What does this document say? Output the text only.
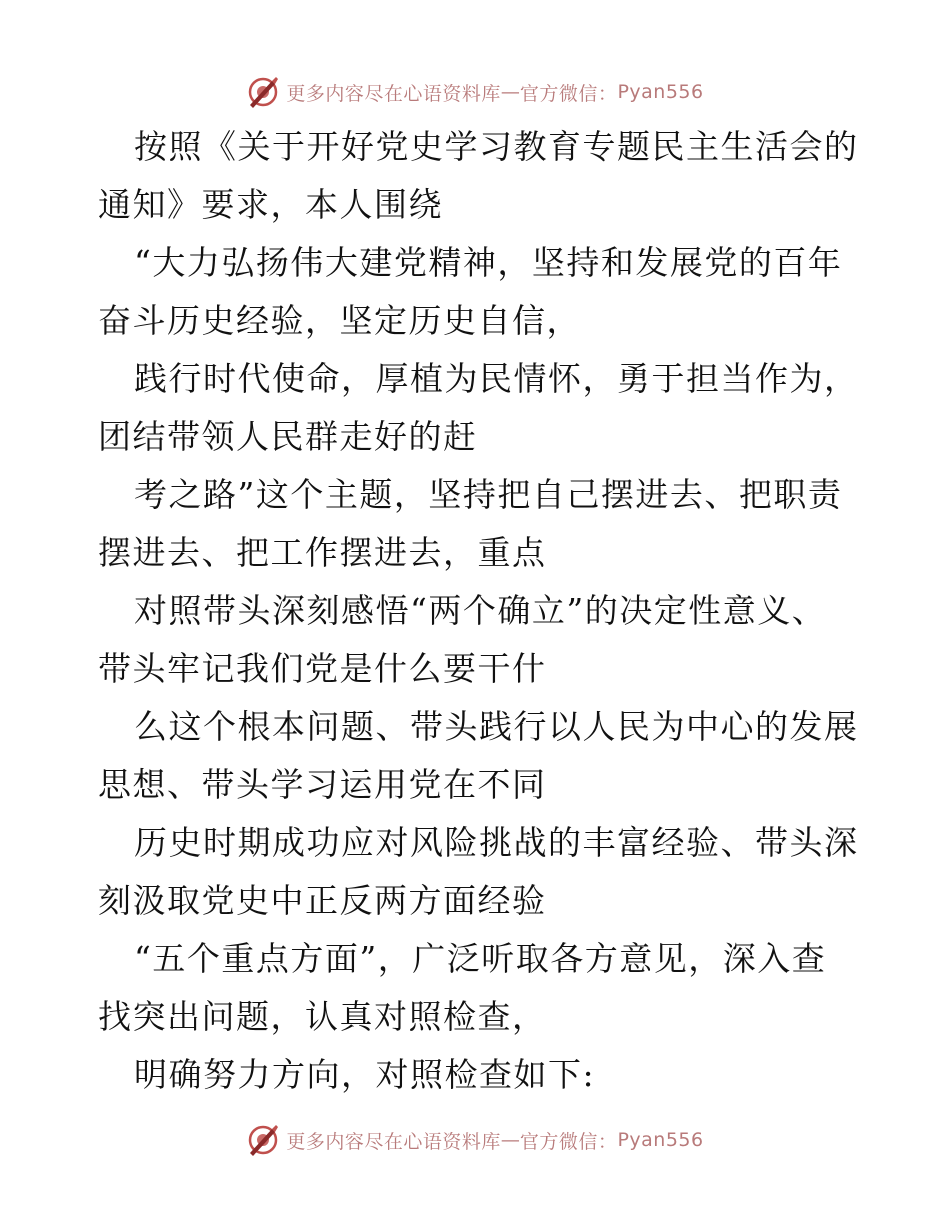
更多内容尽在心语资料库 — 官方微信： Pyan556

按照《关于开好党史学习教育专题民主生活会的
通知》要求，本人围绕

“大力弘扬伟大建党精神，坚持和发展党的百年
奋斗历史经验，坚定历史自信，

践行时代使命，厚植为民情怀，勇于担当作为，
团结带领人民群走好的赶

考之路”这个主题，坚持把自己摆进去、把职责
摆进去、把工作摆进去，重点

对照带头深刻感悟“两个确立”的决定性意义、
带头牢记我们党是什么要干什

么这个根本问题、带头践行以人民为中心的发展
思想、带头学习运用党在不同

历史时期成功应对风险挑战的丰富经验、带头深
刻汲取党史中正反两方面经验

“五个重点方面”，广泛听取各方意见，深入查
找突出问题，认真对照检查，

明确努力方向，对照检查如下:

更多内容尽在心语资料库 — 官方微信： Pyan556
